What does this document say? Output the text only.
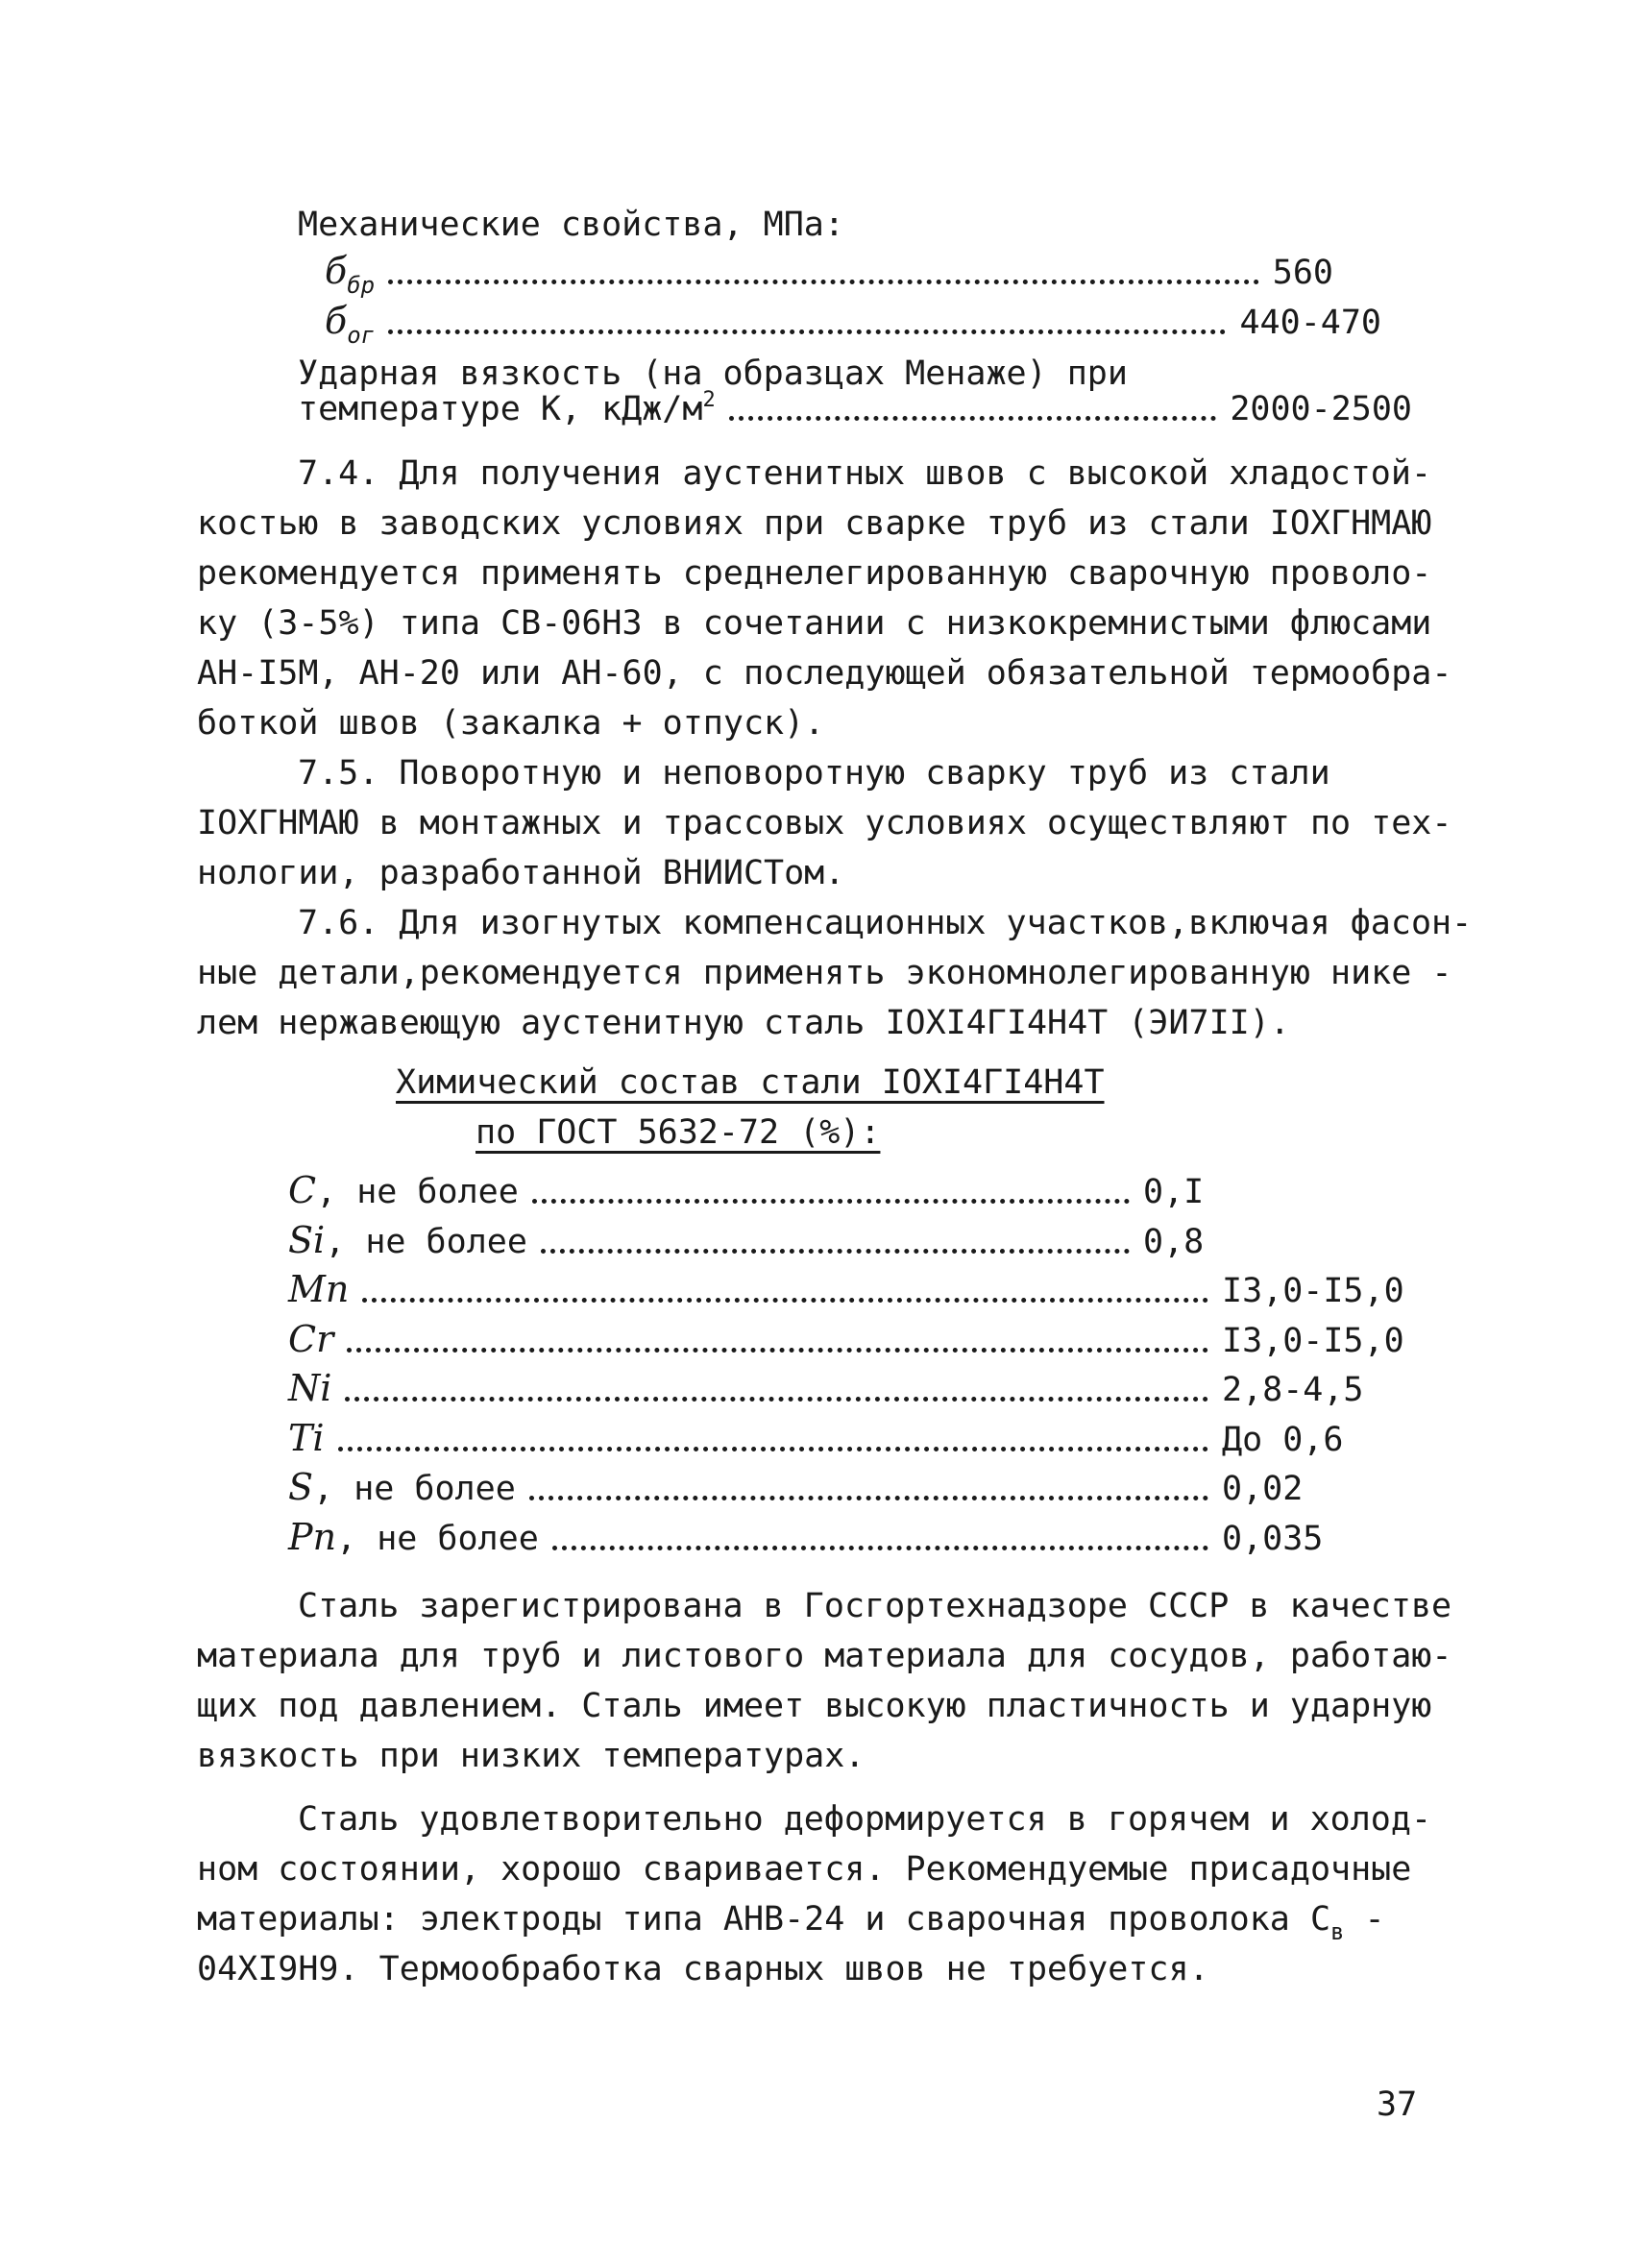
Механические свойства, МПа:
$б_{бр}$	560
$б_{ог}$	440-470
Ударная вязкость (на образцах Менаже) при
температуре К, кДж/$м^2$	2000-2500
7.4. Для получения аустенитных швов с высокой хладостой-
костью в заводских условиях при сварке труб из стали IОХГНМАЮ
рекомендуется применять среднелегированную сварочную проволо-
ку (3-5%) типа СВ-06НЗ в сочетании с низкокремнистыми флюсами
АН-I5М, АН-20 или АН-60, с последующей обязательной термообра-
боткой швов (закалка + отпуск).
7.5. Поворотную и неповоротную сварку труб из стали
IОХГНМАЮ в монтажных и трассовых условиях осуществляют по тех-
нологии, разработанной ВНИИСТом.
7.6. Для изогнутых компенсационных участков,включая фасон-
ные детали,рекомендуется применять экономнолегированную нике -
лем нержавеющую аустенитную сталь IОХI4ГI4Н4Т (ЭИ7II).
Химический состав стали IОХI4ГI4Н4Т
по ГОСТ 5632-72 (%):
С, не более	0,I
Si, не более	0,8
Mn	I3,0-I5,0
Cr	I3,0-I5,0
Ni	2,8-4,5
Ti	До 0,6
S, не более	0,02
Рп, не более	0,035
Сталь зарегистрирована в Госгортехнадзоре СССР в качестве
материала для труб и листового материала для сосудов, работаю-
щих под давлением. Сталь имеет высокую пластичность и ударную
вязкость при низких температурах.
Сталь удовлетворительно деформируется в горячем и холод-
ном состоянии, хорошо сваривается. Рекомендуемые присадочные
материалы: электроды типа АНВ-24 и сварочная проволока $С_в$ -
04ХI9Н9. Термообработка сварных швов не требуется.
37
